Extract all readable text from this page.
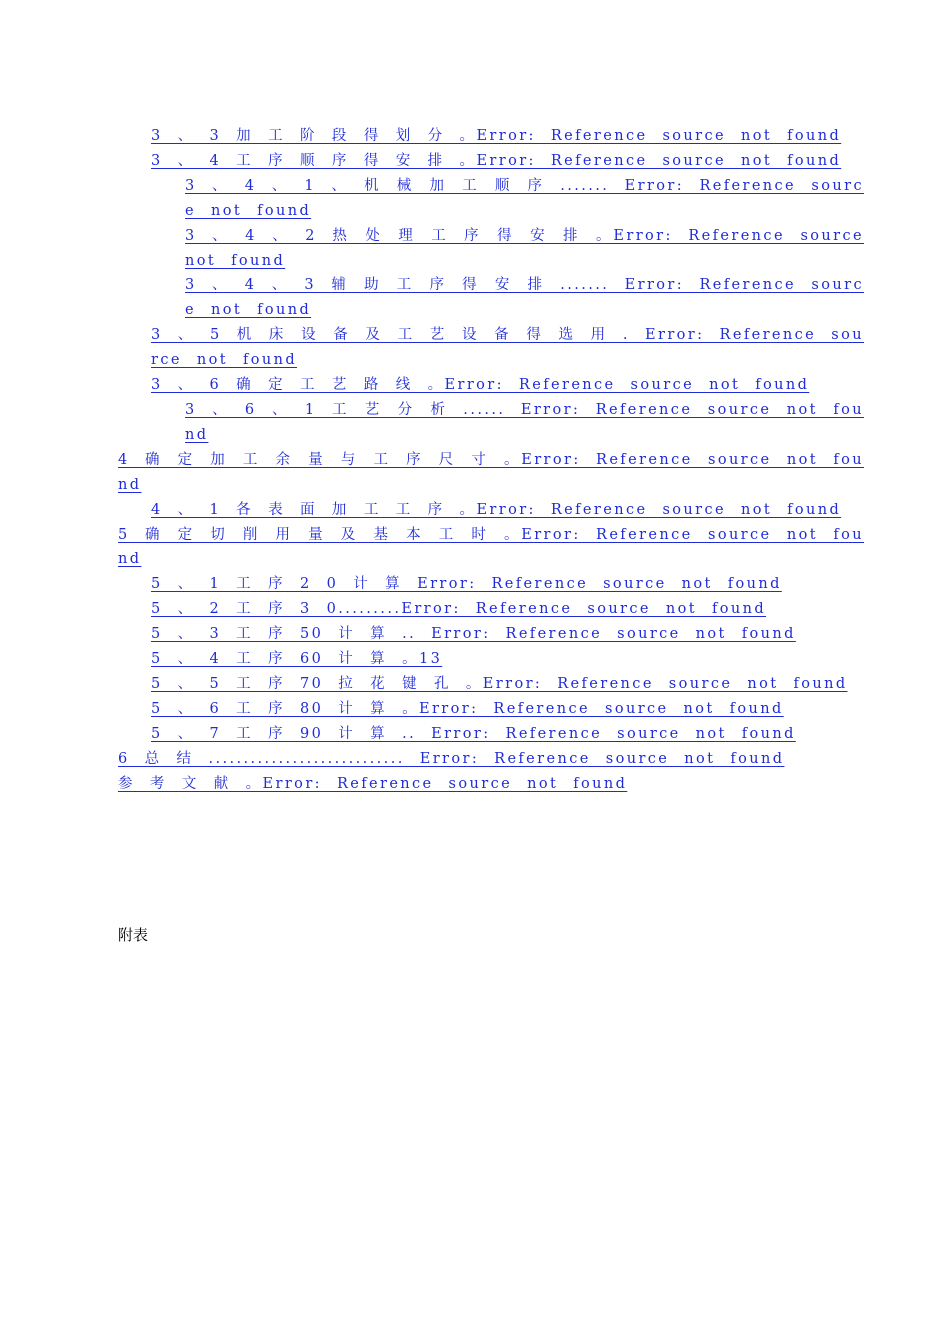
3 、 3 加 工 阶 段 得 划 分 。Error: Reference source not found
3 、 4 工 序 顺 序 得 安 排 。Error: Reference source not found
3 、 4 、 1 、 机 械 加 工 顺 序 ....... Error: Reference source not found
3 、 4 、 2 热 处 理 工 序 得 安 排 。Error: Reference source not found
3 、 4 、 3 辅 助 工 序 得 安 排 ....... Error: Reference source not found
3 、 5 机 床 设 备 及 工 艺 设 备 得 选 用 . Error: Reference source not found
3 、 6 确 定 工 艺 路 线 。Error: Reference source not found
3 、 6 、 1 工 艺 分 析 ...... Error: Reference source not found
4 确 定 加 工 余 量 与 工 序 尺 寸 。Error: Reference source not found
4 、 1 各 表 面 加 工 工 序 。Error: Reference source not found
5 确 定 切 削 用 量 及 基 本 工 时 。Error: Reference source not found
5 、 1 工 序 2 0 计 算 Error: Reference source not found
5 、 2 工 序 3 0.........Error: Reference source not found
5 、 3 工 序 50 计 算 .. Error: Reference source not found
5 、 4 工 序 60 计 算 。13
5 、 5 工 序 70 拉 花 键 孔 。Error: Reference source not found
5 、 6 工 序 80 计 算 。Error: Reference source not found
5 、 7 工 序 90 计 算 .. Error: Reference source not found
6 总 结 ............................ Error: Reference source not found
参 考 文 献 。Error: Reference source not found
附表
